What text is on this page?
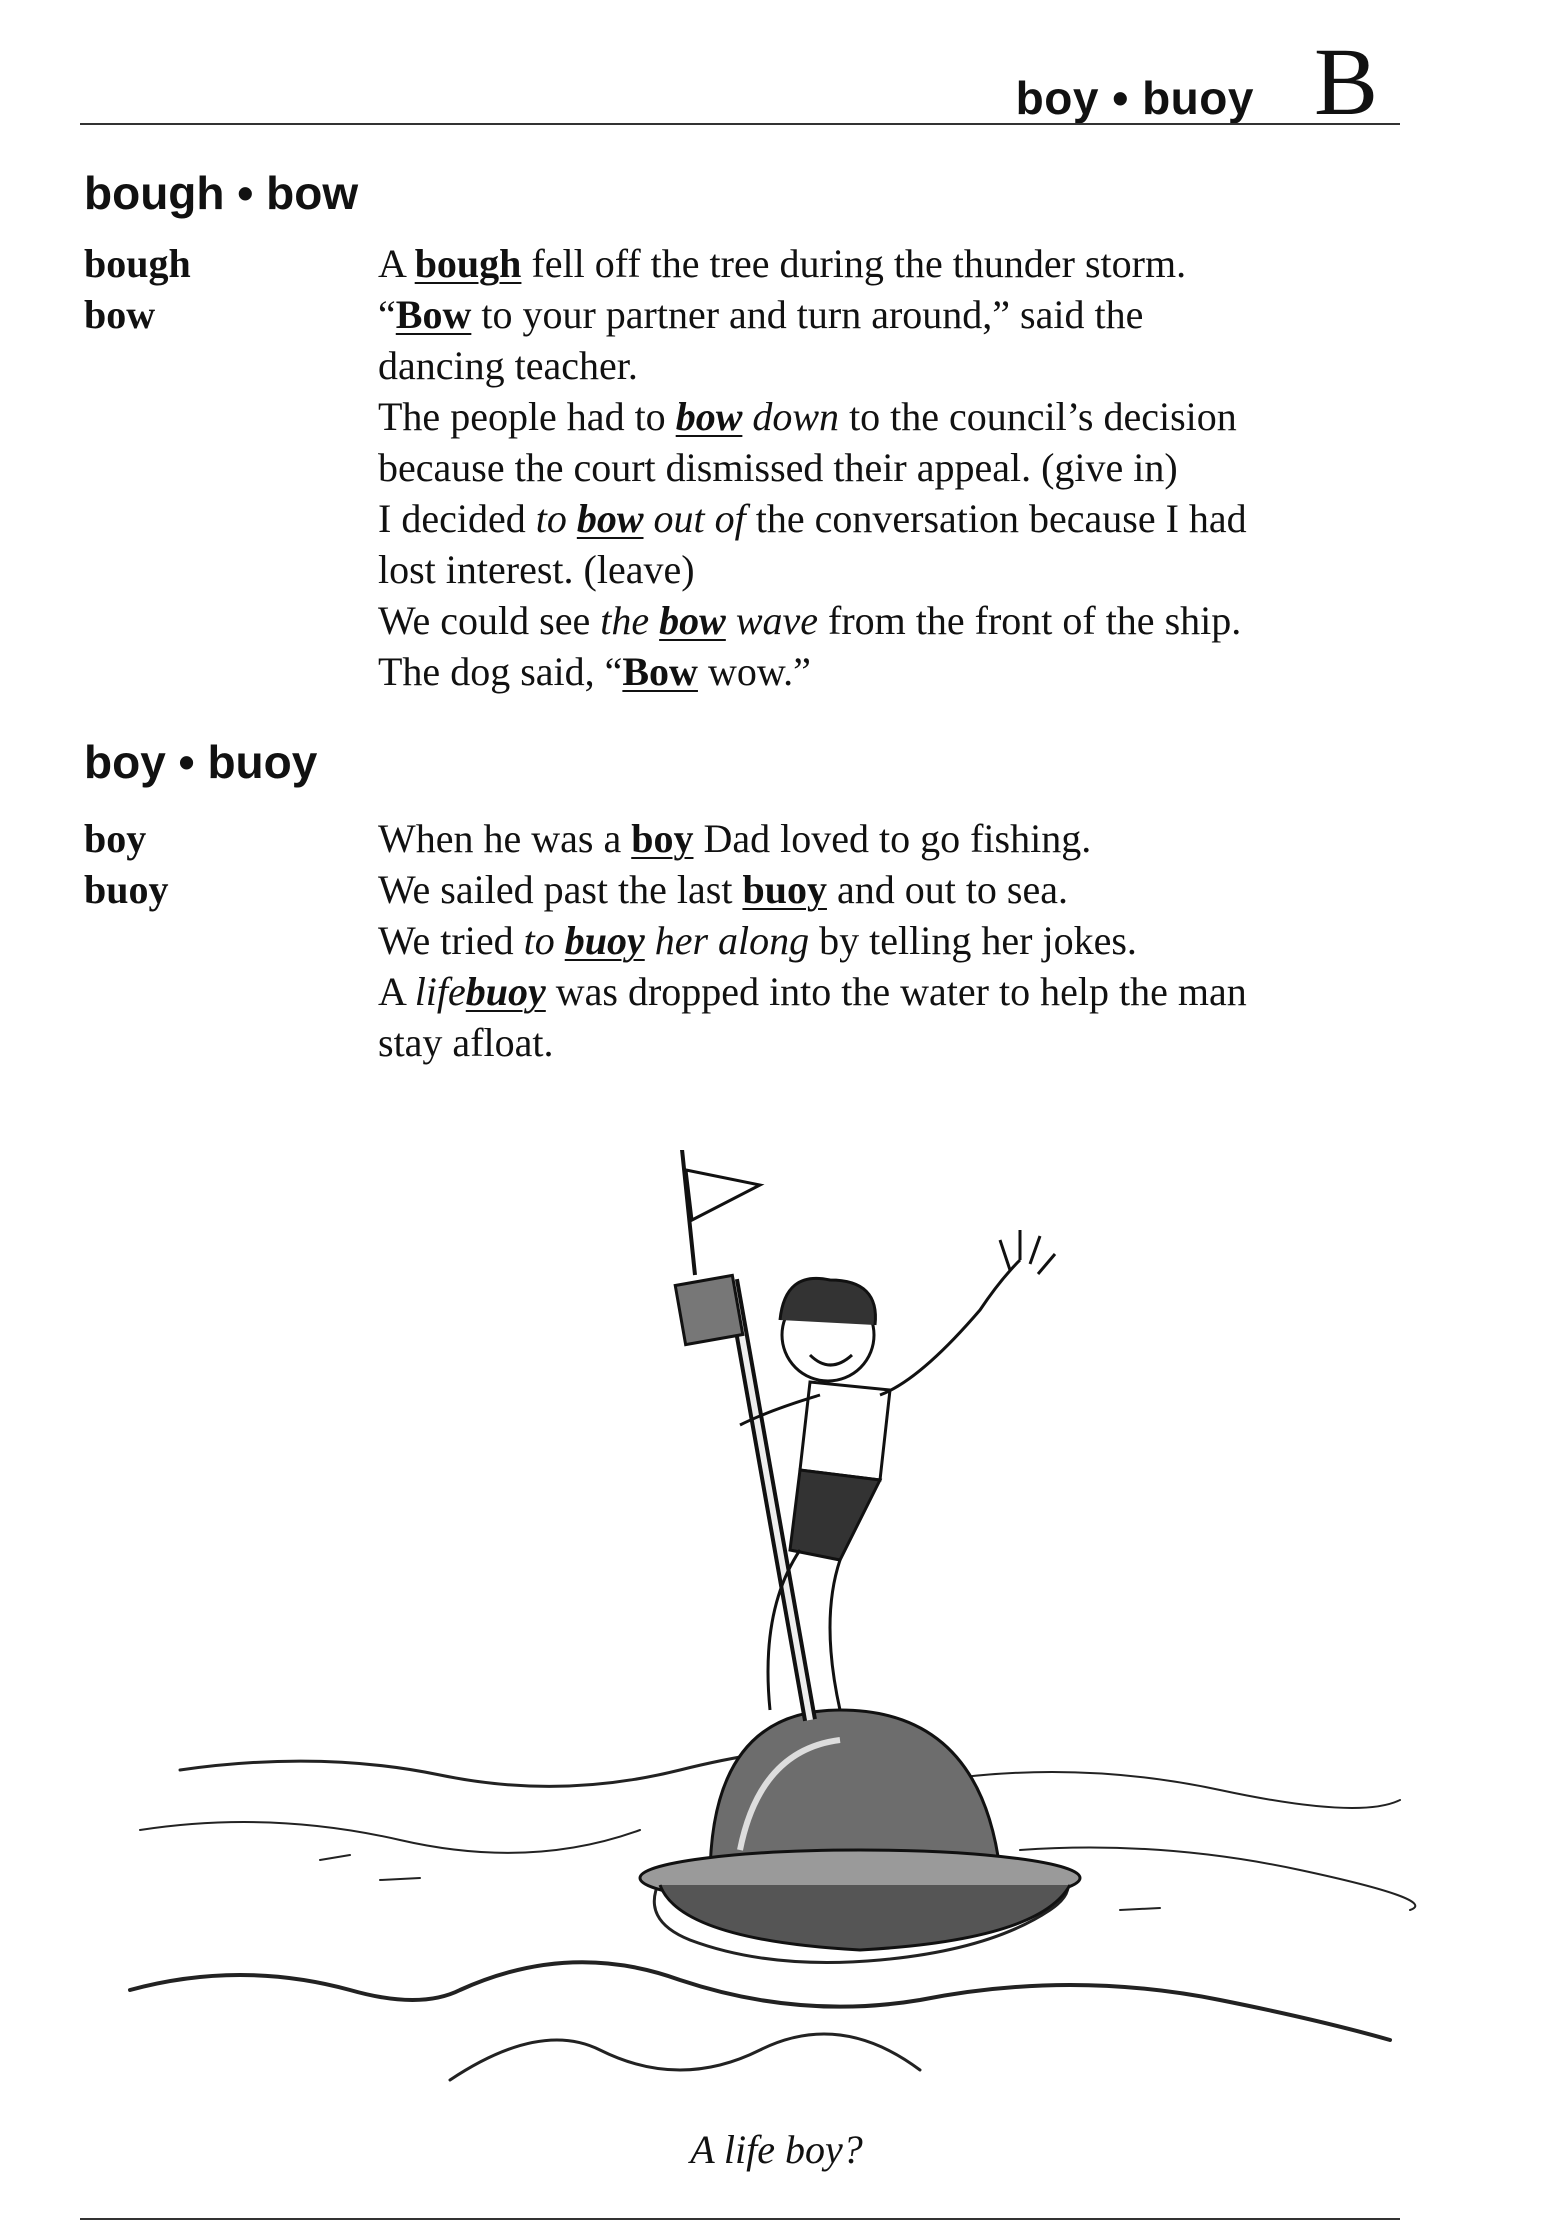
boy • buoy B
bough • bow
bough
bow
A bough fell off the tree during the thunder storm.
“Bow to your partner and turn around,” said the
dancing teacher.
The people had to bow down to the council’s decision
because the court dismissed their appeal. (give in)
I decided to bow out of the conversation because I had
lost interest. (leave)
We could see the bow wave from the front of the ship.
The dog said, “Bow wow.”
boy • buoy
boy
buoy
When he was a boy Dad loved to go fishing.
We sailed past the last buoy and out to sea.
We tried to buoy her along by telling her jokes.
A lifebuoy was dropped into the water to help the man
stay afloat.
A life boy?
